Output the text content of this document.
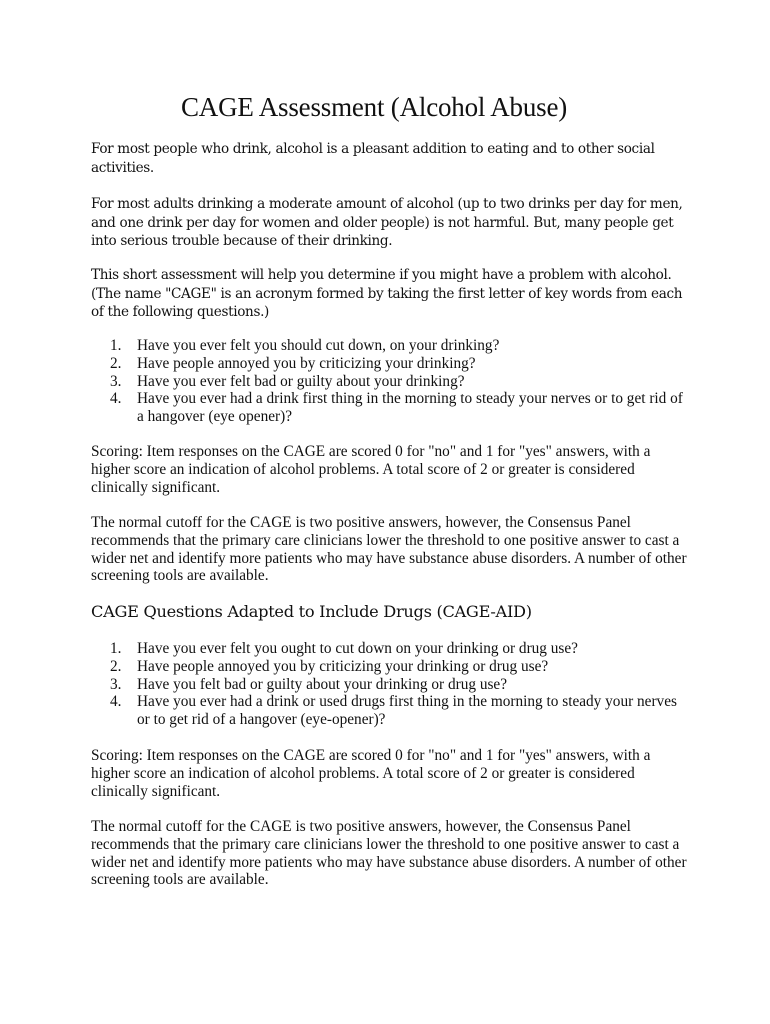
CAGE Assessment (Alcohol Abuse)

For most people who drink, alcohol is a pleasant addition to eating and to other social activities.

For most adults drinking a moderate amount of alcohol (up to two drinks per day for men, and one drink per day for women and older people) is not harmful. But, many people get into serious trouble because of their drinking.

This short assessment will help you determine if you might have a problem with alcohol. (The name "CAGE" is an acronym formed by taking the first letter of key words from each of the following questions.)

1. Have you ever felt you should cut down, on your drinking?
2. Have people annoyed you by criticizing your drinking?
3. Have you ever felt bad or guilty about your drinking?
4. Have you ever had a drink first thing in the morning to steady your nerves or to get rid of a hangover (eye opener)?

Scoring: Item responses on the CAGE are scored 0 for "no" and 1 for "yes" answers, with a higher score an indication of alcohol problems. A total score of 2 or greater is considered clinically significant.

The normal cutoff for the CAGE is two positive answers, however, the Consensus Panel recommends that the primary care clinicians lower the threshold to one positive answer to cast a wider net and identify more patients who may have substance abuse disorders. A number of other screening tools are available.

CAGE Questions Adapted to Include Drugs (CAGE-AID)
1. Have you ever felt you ought to cut down on your drinking or drug use?
2. Have people annoyed you by criticizing your drinking or drug use?
3. Have you felt bad or guilty about your drinking or drug use?
4. Have you ever had a drink or used drugs first thing in the morning to steady your nerves or to get rid of a hangover (eye-opener)?

Scoring: Item responses on the CAGE are scored 0 for "no" and 1 for "yes" answers, with a higher score an indication of alcohol problems. A total score of 2 or greater is considered clinically significant.

The normal cutoff for the CAGE is two positive answers, however, the Consensus Panel recommends that the primary care clinicians lower the threshold to one positive answer to cast a wider net and identify more patients who may have substance abuse disorders. A number of other screening tools are available.
